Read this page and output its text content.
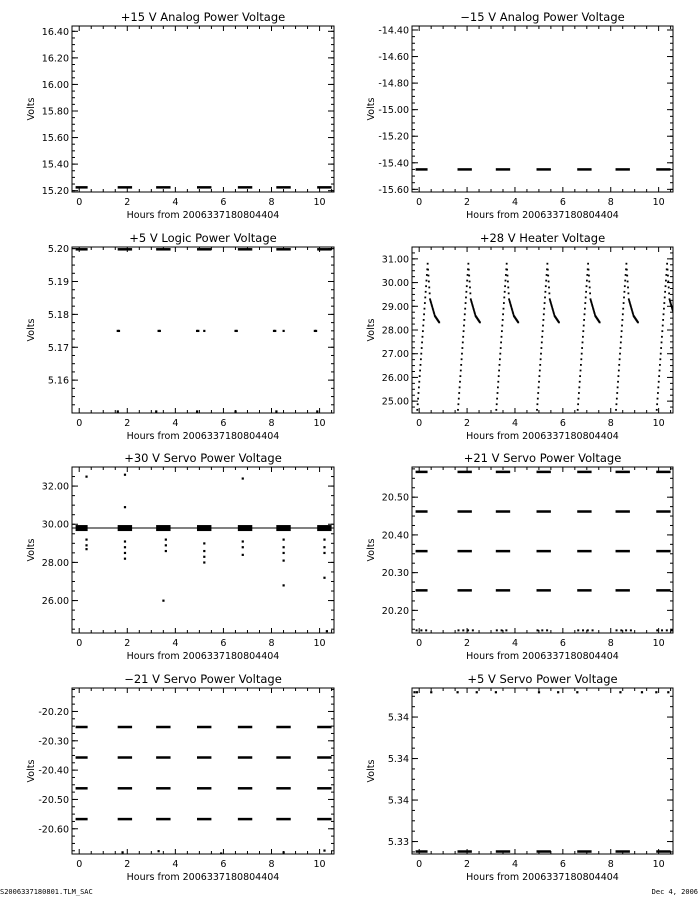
+15 V Analog Power Voltage
Hours from 2006337180804404
Volts
0	2	4	6	8	10
15.20
15.40
15.60
15.80
16.00
16.20
16.40
−15 V Analog Power Voltage
Hours from 2006337180804404
Volts
0	2	4	6	8	10
-15.60
-15.40
-15.20
-15.00
-14.80
-14.60
-14.40
+5 V Logic Power Voltage
Hours from 2006337180804404
Volts
0	2	4	6	8	10
5.16
5.17
5.18
5.19
5.20
+28 V Heater Voltage
Hours from 2006337180804404
Volts
0	2	4	6	8	10
25.00
26.00
27.00
28.00
29.00
30.00
31.00
+30 V Servo Power Voltage
Hours from 2006337180804404
Volts
0	2	4	6	8	10
26.00
28.00
30.00
32.00
+21 V Servo Power Voltage
Hours from 2006337180804404
Volts
0	2	4	6	8	10
20.20
20.30
20.40
20.50
−21 V Servo Power Voltage
Hours from 2006337180804404
Volts
0	2	4	6	8	10
-20.60
-20.50
-20.40
-20.30
-20.20
+5 V Servo Power Voltage
Hours from 2006337180804404
Volts
0	2	4	6	8	10
5.33
5.34
5.34
5.34
S2006337180801.TLM_SAC	Dec 4, 2006
